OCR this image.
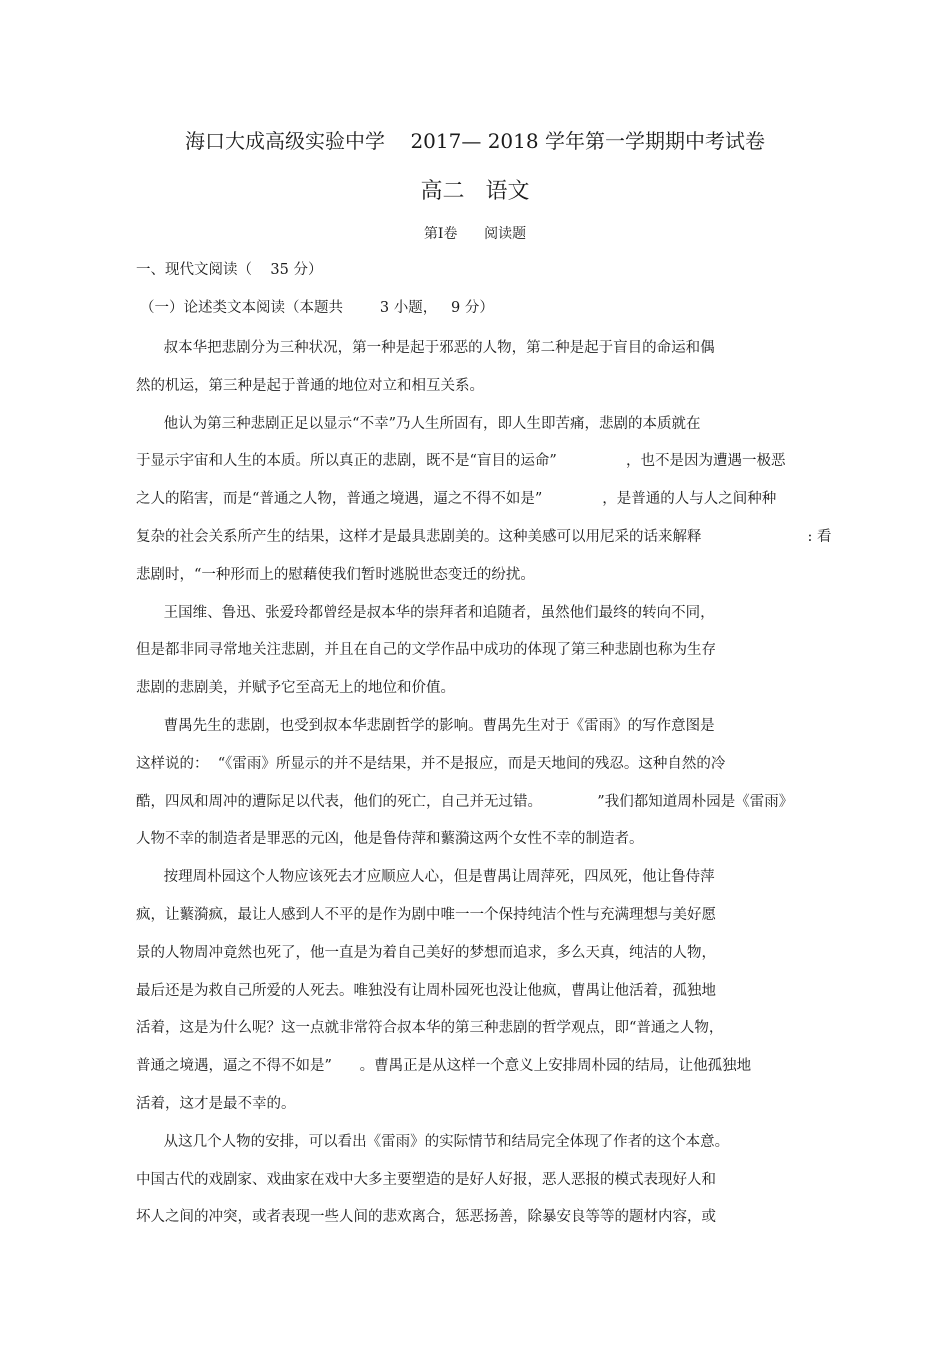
海口大成高级实验中学    2017— 2018 学年第一学期期中考试卷
高二   语文
第Ⅰ卷      阅读题
一、现代文阅读（    35 分）
（一）论述类文本阅读（本题共        3 小题，   9 分）
叔本华把悲剧分为三种状况，第一种是起于邪恶的人物，第二种是起于盲目的命运和偶
然的机运，第三种是起于普通的地位对立和相互关系。
他认为第三种悲剧正足以显示“不幸”乃人生所固有，即人生即苦痛，悲剧的本质就在
于显示宇宙和人生的本质。所以真正的悲剧，既不是“盲目的运命”               ，也不是因为遭遇一极恶
之人的陷害，而是“普通之人物，普通之境遇，逼之不得不如是”             ，是普通的人与人之间种种
复杂的社会关系所产生的结果，这样才是最具悲剧美的。这种美感可以用尼采的话来解释                       : 看
悲剧时，“一种形而上的慰藉使我们暂时逃脱世态变迁的纷扰。
王国维、鲁迅、张爱玲都曾经是叔本华的崇拜者和追随者，虽然他们最终的转向不同，
但是都非同寻常地关注悲剧，并且在自己的文学作品中成功的体现了第三种悲剧也称为生存
悲剧的悲剧美，并赋予它至高无上的地位和价值。
曹禺先生的悲剧，也受到叔本华悲剧哲学的影响。曹禺先生对于《雷雨》的写作意图是
这样说的：  “《雷雨》所显示的并不是结果，并不是报应，而是天地间的残忍。这种自然的冷
酷，四凤和周冲的遭际足以代表，他们的死亡，自己并无过错。            ”我们都知道周朴园是《雷雨》
人物不幸的制造者是罪恶的元凶，他是鲁侍萍和蘩漪这两个女性不幸的制造者。
按理周朴园这个人物应该死去才应顺应人心，但是曹禺让周萍死，四凤死，他让鲁侍萍
疯，让蘩漪疯，最让人感到人不平的是作为剧中唯一一个保持纯洁个性与充满理想与美好愿
景的人物周冲竟然也死了，他一直是为着自己美好的梦想而追求，多么天真，纯洁的人物，
最后还是为救自己所爱的人死去。唯独没有让周朴园死也没让他疯，曹禺让他活着，孤独地
活着，这是为什么呢？这一点就非常符合叔本华的第三种悲剧的哲学观点，即“普通之人物，
普通之境遇，逼之不得不如是”      。曹禺正是从这样一个意义上安排周朴园的结局，让他孤独地
活着，这才是最不幸的。
从这几个人物的安排，可以看出《雷雨》的实际情节和结局完全体现了作者的这个本意。
中国古代的戏剧家、戏曲家在戏中大多主要塑造的是好人好报，恶人恶报的模式表现好人和
坏人之间的冲突，或者表现一些人间的悲欢离合，惩恶扬善，除暴安良等等的题材内容，或
